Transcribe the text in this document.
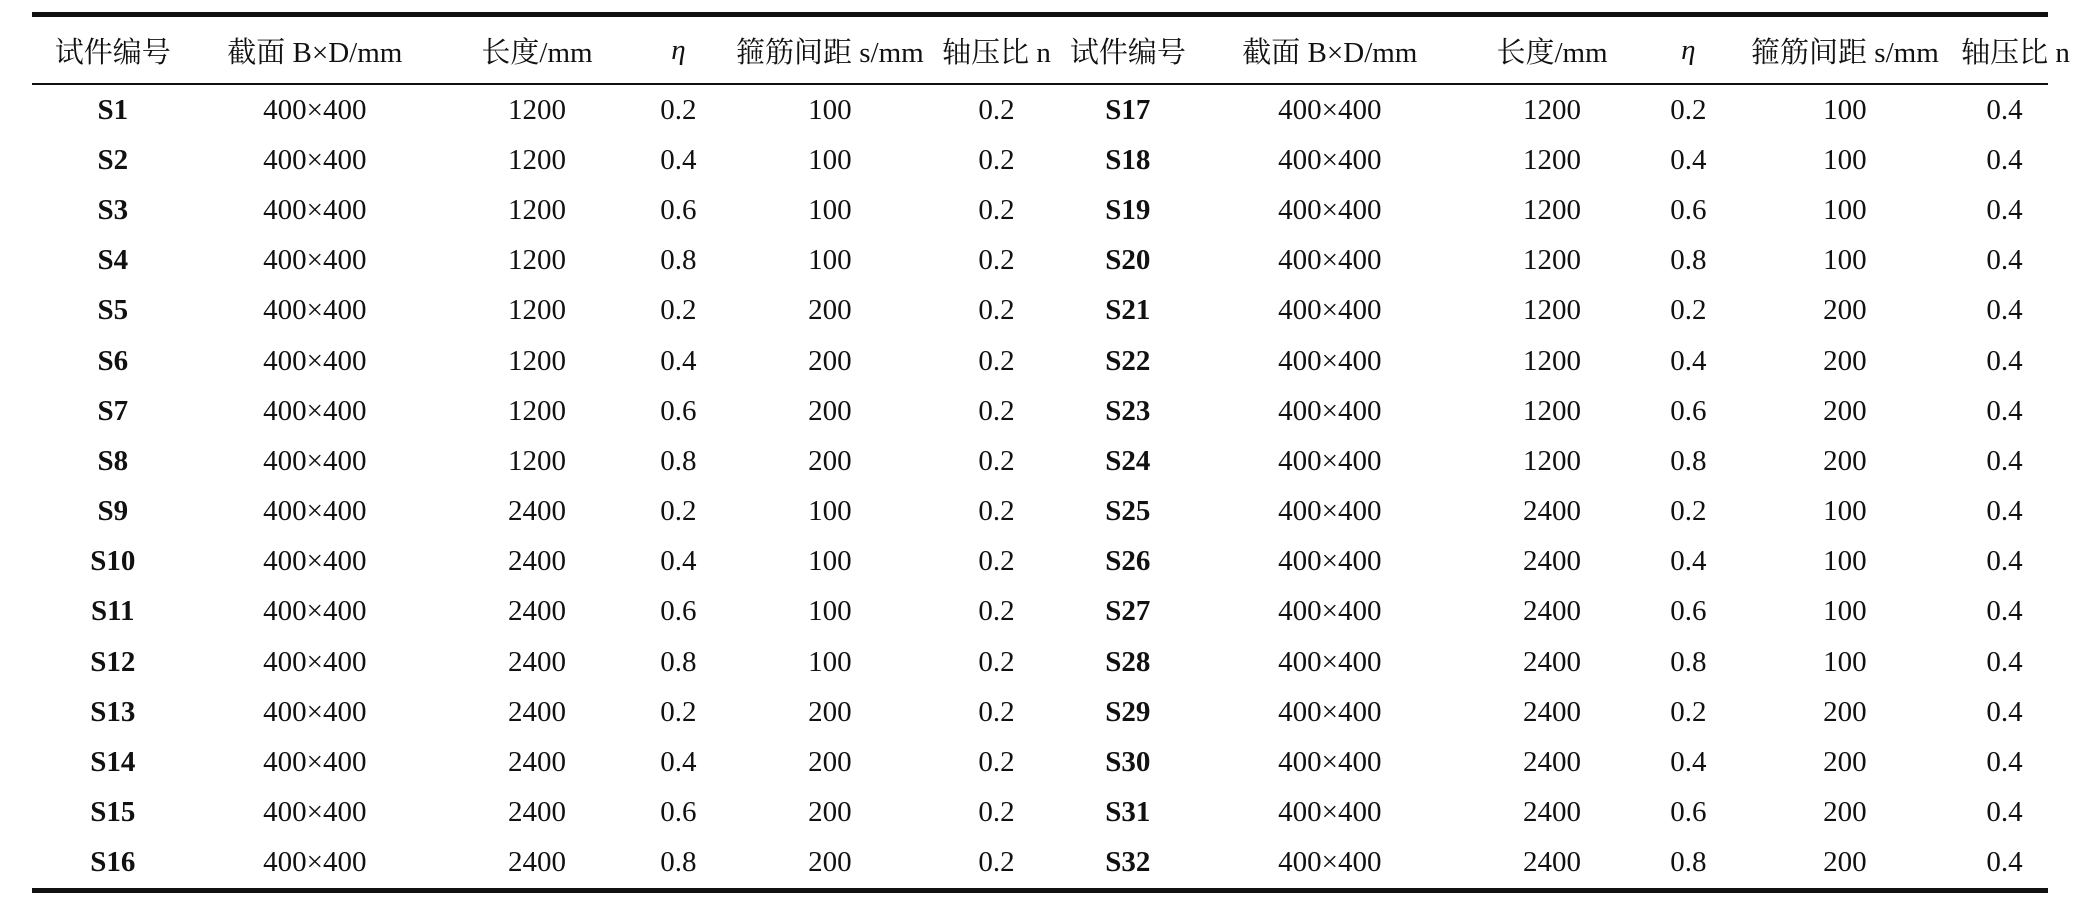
试件编号	截面 B×D/mm	长度/mm	η	箍筋间距 s/mm	轴压比 n	试件编号	截面 B×D/mm	长度/mm	η	箍筋间距 s/mm	轴压比 n
S1	400×400	1200	0.2	100	0.2	S17	400×400	1200	0.2	100	0.4
S2	400×400	1200	0.4	100	0.2	S18	400×400	1200	0.4	100	0.4
S3	400×400	1200	0.6	100	0.2	S19	400×400	1200	0.6	100	0.4
S4	400×400	1200	0.8	100	0.2	S20	400×400	1200	0.8	100	0.4
S5	400×400	1200	0.2	200	0.2	S21	400×400	1200	0.2	200	0.4
S6	400×400	1200	0.4	200	0.2	S22	400×400	1200	0.4	200	0.4
S7	400×400	1200	0.6	200	0.2	S23	400×400	1200	0.6	200	0.4
S8	400×400	1200	0.8	200	0.2	S24	400×400	1200	0.8	200	0.4
S9	400×400	2400	0.2	100	0.2	S25	400×400	2400	0.2	100	0.4
S10	400×400	2400	0.4	100	0.2	S26	400×400	2400	0.4	100	0.4
S11	400×400	2400	0.6	100	0.2	S27	400×400	2400	0.6	100	0.4
S12	400×400	2400	0.8	100	0.2	S28	400×400	2400	0.8	100	0.4
S13	400×400	2400	0.2	200	0.2	S29	400×400	2400	0.2	200	0.4
S14	400×400	2400	0.4	200	0.2	S30	400×400	2400	0.4	200	0.4
S15	400×400	2400	0.6	200	0.2	S31	400×400	2400	0.6	200	0.4
S16	400×400	2400	0.8	200	0.2	S32	400×400	2400	0.8	200	0.4
